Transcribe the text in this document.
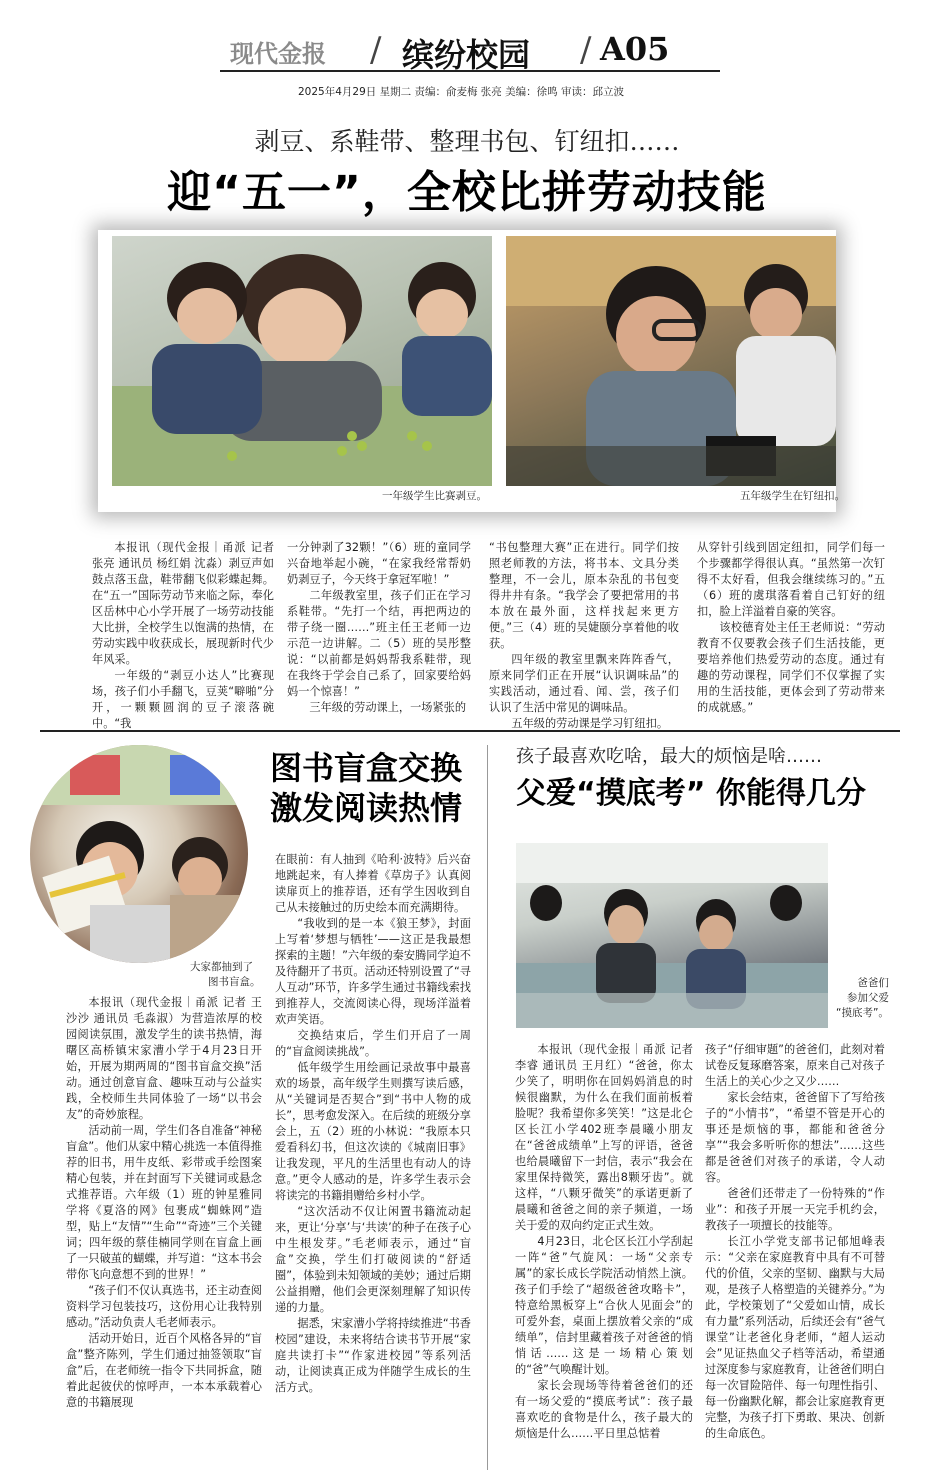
现代金报 / 缤纷校园 / A05
2025年4月29日 星期二 责编：俞麦梅 张亮 美编：徐鸣 审读：邱立波
剥豆、系鞋带、整理书包、钉纽扣……
迎“五一”，全校比拼劳动技能
一年级学生比赛剥豆。	五年级学生在钉纽扣。

本报讯（现代金报｜甬派 记者 张亮 通讯员 杨红娟 沈淼）剥豆声如鼓点落玉盘，鞋带翻飞似彩蝶起舞。在“五一”国际劳动节来临之际，奉化区岳林中心小学开展了一场劳动技能大比拼，全校学生以饱满的热情，在劳动实践中收获成长，展现新时代少年风采。

一年级的“剥豆小达人”比赛现场，孩子们小手翻飞，豆荚“噼啪”分开，一颗颗圆润的豆子滚落碗中。“我

一分钟剥了32颗！”（6）班的童同学兴奋地举起小碗，“在家我经常帮奶奶剥豆子，今天终于拿冠军啦！”

二年级教室里，孩子们正在学习系鞋带。“先打一个结，再把两边的带子绕一圈……”班主任王老师一边示范一边讲解。二（5）班的吴彤整说：“以前都是妈妈帮我系鞋带，现在我终于学会自己系了，回家要给妈妈一个惊喜！”

三年级的劳动课上，一场紧张的

“书包整理大赛”正在进行。同学们按照老师教的方法，将书本、文具分类整理，不一会儿，原本杂乱的书包变得井井有条。“我学会了要把常用的书本放在最外面，这样找起来更方便。”三（4）班的吴婕颐分享着他的收获。

四年级的教室里飘来阵阵香气，原来同学们正在开展“认识调味品”的实践活动，通过看、闻、尝，孩子们认识了生活中常见的调味品。

五年级的劳动课是学习钉纽扣。

从穿针引线到固定纽扣，同学们每一个步骤都学得很认真。“虽然第一次钉得不太好看，但我会继续练习的。”五（6）班的虞琪落看着自己钉好的纽扣，脸上洋溢着自豪的笑容。

该校德育处主任王老师说：“劳动教育不仅要教会孩子们生活技能，更要培养他们热爱劳动的态度。通过有趣的劳动课程，同学们不仅掌握了实用的生活技能，更体会到了劳动带来的成就感。”

大家都抽到了
图书盲盒。
图书盲盒交换
激发阅读热情

本报讯（现代金报｜甬派 记者 王沙沙 通讯员 毛淼淑）为营造浓厚的校园阅读氛围，激发学生的读书热情，海曙区高桥镇宋家漕小学于4月23日开始，开展为期两周的“图书盲盒交换”活动。通过创意盲盒、趣味互动与公益实践，全校师生共同体验了一场“以书会友”的奇妙旅程。

活动前一周，学生们各自准备“神秘盲盒”。他们从家中精心挑选一本值得推荐的旧书，用牛皮纸、彩带或手绘图案精心包装，并在封面写下关键词或悬念式推荐语。六年级（1）班的钟星雅同学将《夏洛的网》包裹成“蜘蛛网”造型，贴上“友情”“生命”“奇迹”三个关键词；四年级的蔡佳楠同学则在盲盒上画了一只破茧的蝴蝶，并写道：“这本书会带你飞向意想不到的世界！”

“孩子们不仅认真选书，还主动查阅资料学习包装技巧，这份用心让我特别感动。”活动负责人毛老师表示。

活动开始日，近百个风格各异的“盲盒”整齐陈列，学生们通过抽签领取“盲盒”后，在老师统一指令下共同拆盒，随着此起彼伏的惊呼声，一本本承载着心意的书籍展现

在眼前：有人抽到《哈利·波特》后兴奋地跳起来，有人捧着《草房子》认真阅读扉页上的推荐语，还有学生因收到自己从未接触过的历史绘本而充满期待。

“我收到的是一本《狼王梦》，封面上写着‘梦想与牺牲’——这正是我最想探索的主题！”六年级的秦安腾同学迫不及待翻开了书页。活动还特别设置了“寻人互动”环节，许多学生通过书籍线索找到推荐人，交流阅读心得，现场洋溢着欢声笑语。

交换结束后，学生们开启了一周的“盲盒阅读挑战”。

低年级学生用绘画记录故事中最喜欢的场景，高年级学生则撰写读后感，从“关键词是否契合”到“书中人物的成长”，思考愈发深入。在后续的班级分享会上，五（2）班的小林说：“我原本只爱看科幻书，但这次读的《城南旧事》让我发现，平凡的生活里也有动人的诗意。”更令人感动的是，许多学生表示会将读完的书籍捐赠给乡村小学。

“这次活动不仅让闲置书籍流动起来，更让‘分享’与‘共读’的种子在孩子心中生根发芽。”毛老师表示，通过“盲盒”交换，学生们打破阅读的“舒适圈”，体验到未知领域的美妙；通过后期公益捐赠，他们会更深刻理解了知识传递的力量。

据悉，宋家漕小学将持续推进“书香校园”建设，未来将结合读书节开展“家庭共读打卡”“作家进校园”等系列活动，让阅读真正成为伴随学生成长的生活方式。

孩子最喜欢吃啥，最大的烦恼是啥……
父爱“摸底考” 你能得几分
爸爸们
参加父爱
“摸底考”。

本报讯（现代金报｜甬派 记者 李睿 通讯员 王月红）“爸爸，你太少笑了，明明你在回妈妈消息的时候很幽默，为什么在我们面前板着脸呢？我希望你多笑笑！”这是北仑区长江小学402班李晨曦小朋友在“爸爸成绩单”上写的评语，爸爸也给晨曦留下一封信，表示“我会在家里保持微笑，露出8颗牙齿”。就这样，“八颗牙微笑”的承诺更新了晨曦和爸爸之间的亲子频道，一场关于爱的双向约定正式生效。

4月23日，北仑区长江小学刮起一阵“爸”气旋风：一场“父亲专属”的家长成长学院活动悄然上演。孩子们手绘了“超级爸爸攻略卡”，特意给黑板穿上“合伙人见面会”的可爱外套，桌面上摆放着父亲的“成绩单”，信封里藏着孩子对爸爸的悄悄话……这是一场精心策划的“爸”气唤醒计划。

家长会现场等待着爸爸们的还有一场父爱的“摸底考试”：孩子最喜欢吃的食物是什么，孩子最大的烦恼是什么……平日里总惦着

孩子“仔细审题”的爸爸们，此刻对着试卷反复琢磨答案，原来自己对孩子生活上的关心少之又少……

家长会结束，爸爸留下了写给孩子的“小情书”，“希望不管是开心的事还是烦恼的事，都能和爸爸分享”“我会多听听你的想法”……这些都是爸爸们对孩子的承诺，令人动容。

爸爸们还带走了一份特殊的“作业”：和孩子开展一天完手机约会，教孩子一项擅长的技能等。

长江小学党支部书记郁旭峰表示：“父亲在家庭教育中具有不可替代的价值，父亲的坚韧、幽默与大局观，是孩子人格塑造的关键养分。”为此，学校策划了“父爱如山情，成长有力量”系列活动，后续还会有“爸气课堂”让老爸化身老师，“超人运动会”见证热血父子档等活动，希望通过深度参与家庭教育，让爸爸们明白每一次冒险陪伴、每一句理性指引、每一份幽默化解，都会让家庭教育更完整，为孩子打下勇敢、果决、创新的生命底色。
